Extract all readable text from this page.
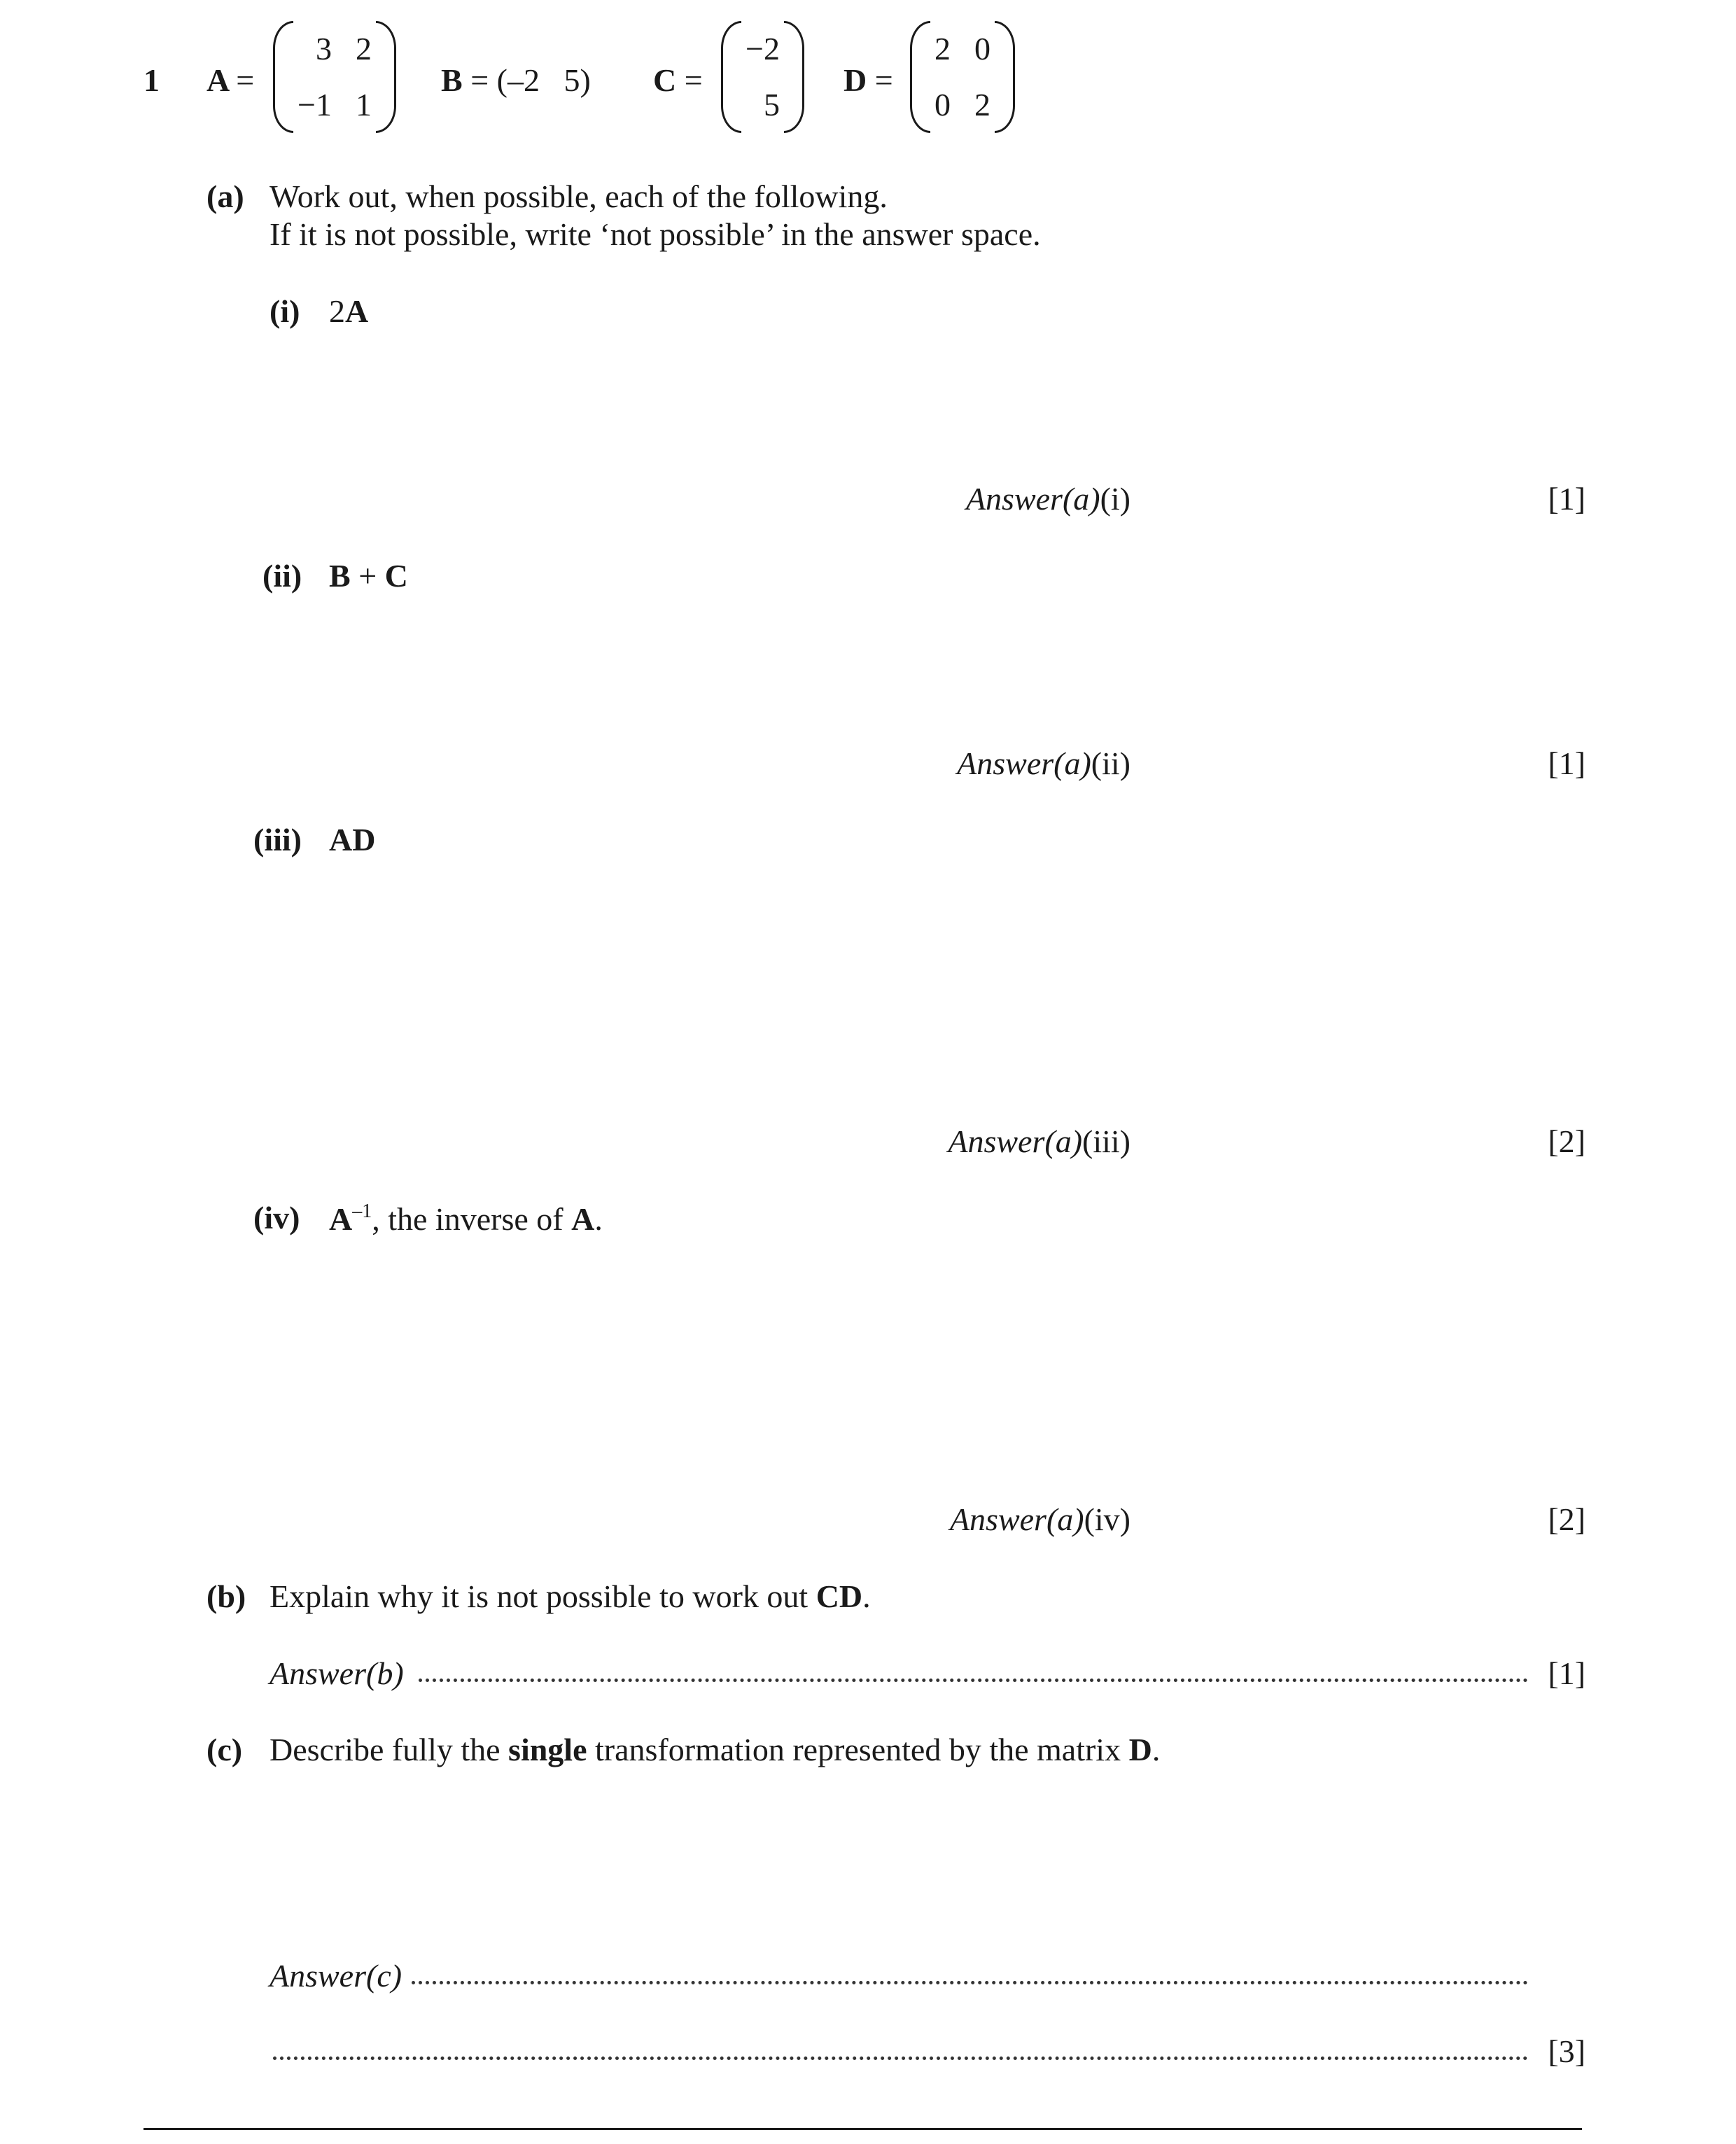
1 A =
3 2
−1 1
B = (–2   5) C =
−2
5
D =
2 0
0 2
(a) Work out, when possible, each of the following.
If it is not possible, write ‘not possible’ in the answer space.
(i) 2A
Answer(a)(i)	[1]
(ii) B + C
Answer(a)(ii)	[1]
(iii) AD
Answer(a)(iii)	[2]
(iv) $A^{-1}$, the inverse of A.
Answer(a)(iv)	[2]
(b) Explain why it is not possible to work out CD.
Answer(b)	[1]
(c) Describe fully the single transformation represented by the matrix D.
Answer(c)
[3]
